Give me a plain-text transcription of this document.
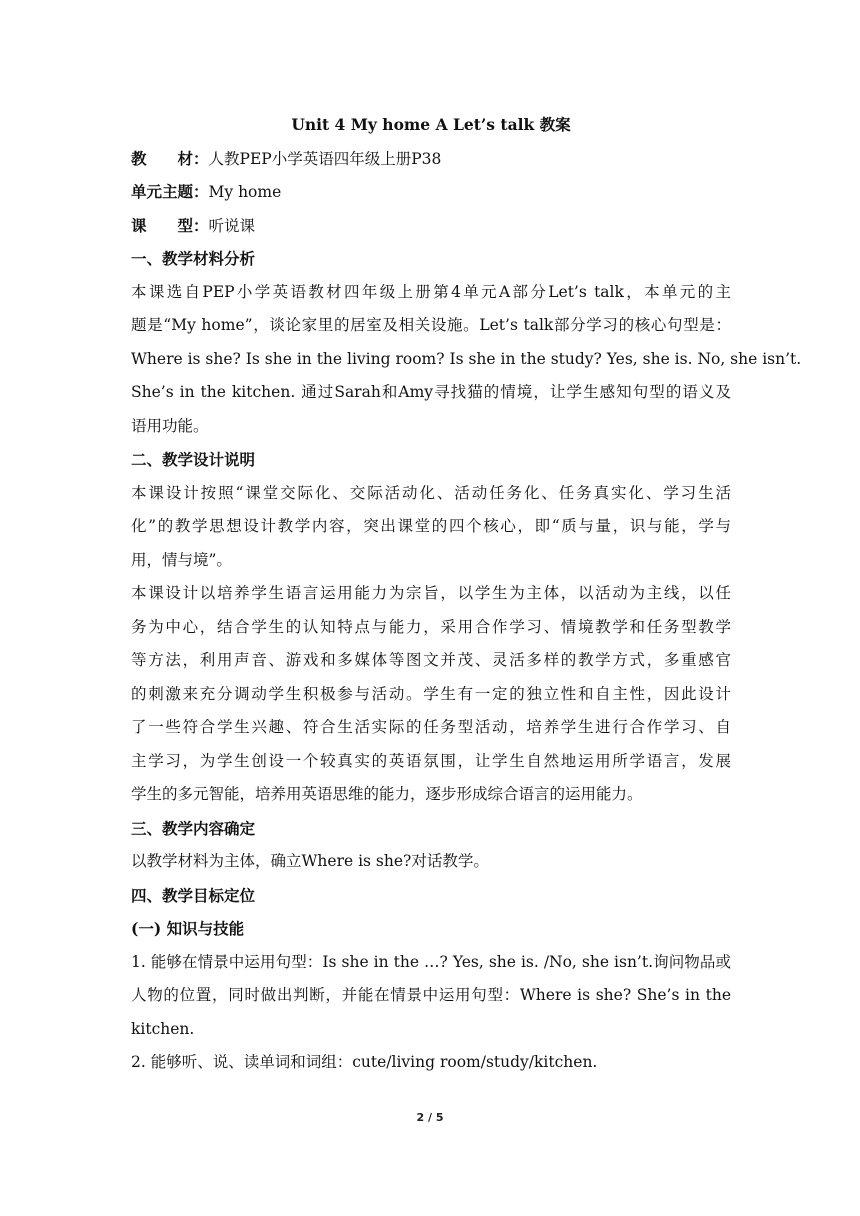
Unit 4 My home A Let’s talk 教案
教　　材：人教PEP小学英语四年级上册P38
单元主题：My home
课　　型：听说课
一、教学材料分析
本课选自PEP小学英语教材四年级上册第4单元A部分Let’s talk，本单元的主
题是“My home”，谈论家里的居室及相关设施。Let’s talk部分学习的核心句型是：
Where is she? Is she in the living room? Is she in the study? Yes, she is. No, she isn’t.
She’s in the kitchen. 通过Sarah和Amy寻找猫的情境，让学生感知句型的语义及
语用功能。
二、教学设计说明
本课设计按照“课堂交际化、交际活动化、活动任务化、任务真实化、学习生活
化”的教学思想设计教学内容，突出课堂的四个核心，即“质与量，识与能，学与
用，情与境”。
本课设计以培养学生语言运用能力为宗旨，以学生为主体，以活动为主线，以任
务为中心，结合学生的认知特点与能力，采用合作学习、情境教学和任务型教学
等方法，利用声音、游戏和多媒体等图文并茂、灵活多样的教学方式，多重感官
的刺激来充分调动学生积极参与活动。学生有一定的独立性和自主性，因此设计
了一些符合学生兴趣、符合生活实际的任务型活动，培养学生进行合作学习、自
主学习，为学生创设一个较真实的英语氛围，让学生自然地运用所学语言，发展
学生的多元智能，培养用英语思维的能力，逐步形成综合语言的运用能力。
三、教学内容确定
以教学材料为主体，确立Where is she?对话教学。
四、教学目标定位
(一) 知识与技能
1. 能够在情景中运用句型：Is she in the …? Yes, she is. /No, she isn’t.询问物品或
人物的位置，同时做出判断，并能在情景中运用句型：Where is she? She’s in the
kitchen.
2. 能够听、说、读单词和词组：cute/living room/study/kitchen.
2 / 5
